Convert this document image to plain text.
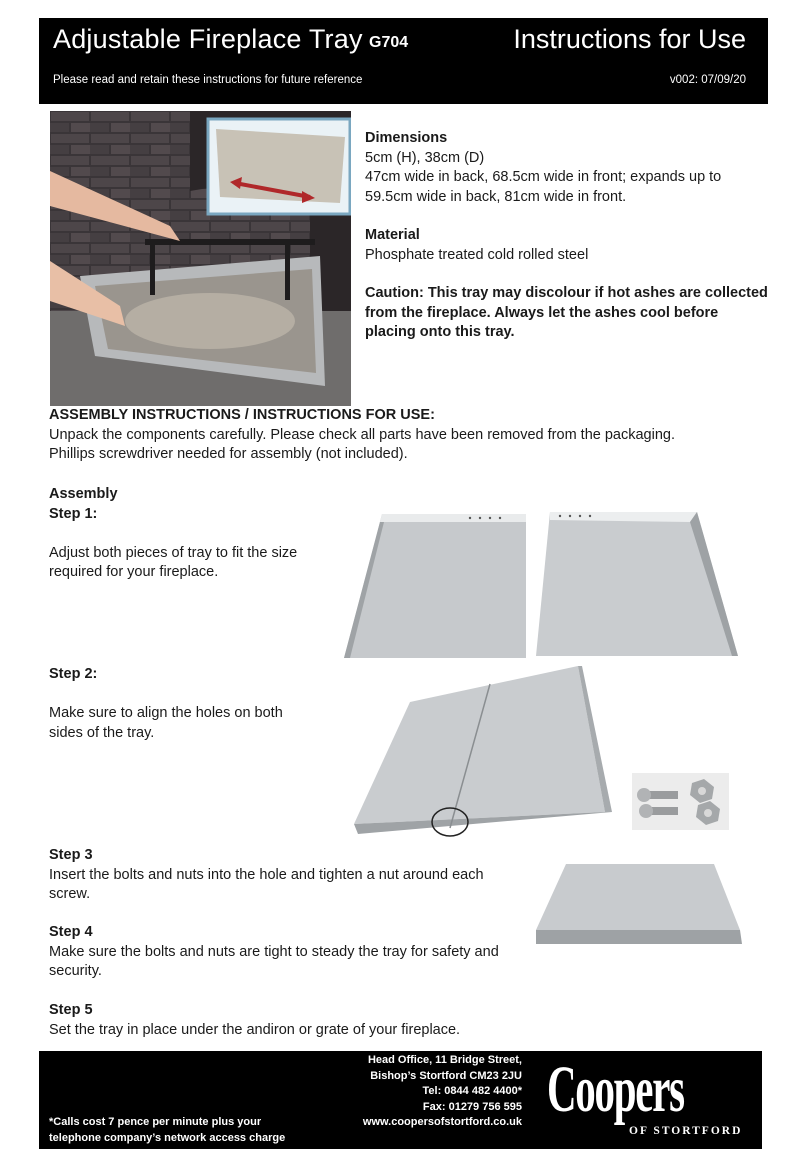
Adjustable Fireplace Tray G704	Instructions for Use
Please read and retain these instructions for future reference	v002: 07/09/20
Dimensions
5cm (H), 38cm (D)
47cm wide in back, 68.5cm wide in front; expands up to
59.5cm wide in back, 81cm wide in front.
Material
Phosphate treated cold rolled steel
Caution: This tray may discolour if hot ashes are collected
from the fireplace. Always let the ashes cool before
placing onto this tray.
ASSEMBLY INSTRUCTIONS / INSTRUCTIONS FOR USE:
Unpack the components carefully. Please check all parts have been removed from the packaging.
Phillips screwdriver needed for assembly (not included).
Assembly
Step 1:

Adjust both pieces of tray to fit the size
required for your fireplace.
Step 2:

Make sure to align the holes on both
sides of the tray.
Step 3
Insert the bolts and nuts into the hole and tighten a nut around each
screw.
Step 4
Make sure the bolts and nuts are tight to steady the tray for safety and
security.
Step 5
Set the tray in place under the andiron or grate of your fireplace.
Head Office, 11 Bridge Street,
Bishop’s Stortford CM23 2JU
Tel: 0844 482 4400*
Fax: 01279 756 595
www.coopersofstortford.co.uk
*Calls cost 7 pence per minute plus your
telephone company’s network access charge
Coopers
OF STORTFORD
